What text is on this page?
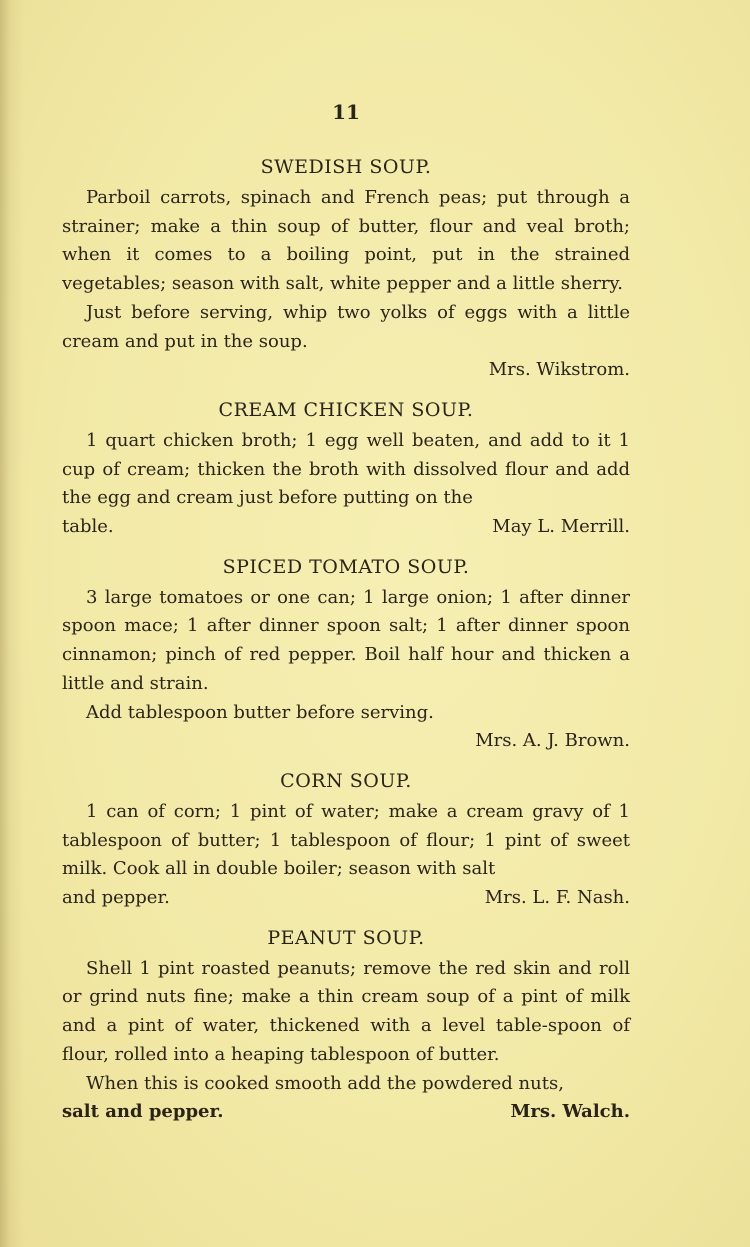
11
SWEDISH SOUP.

Parboil carrots, spinach and French peas; put through a strainer; make a thin soup of butter, flour and veal broth; when it comes to a boiling point, put in the strained vegetables; season with salt, white pepper and a little sherry.

Just before serving, whip two yolks of eggs with a little cream and put in the soup.

Mrs. Wikstrom.
CREAM CHICKEN SOUP.

1 quart chicken broth; 1 egg well beaten, and add to it 1 cup of cream; thicken the broth with dissolved flour and add the egg and cream just before putting on the

table.	May L. Merrill.
SPICED TOMATO SOUP.

3 large tomatoes or one can; 1 large onion; 1 after dinner spoon mace; 1 after dinner spoon salt; 1 after dinner spoon cinnamon; pinch of red pepper. Boil half hour and thicken a little and strain.

Add tablespoon butter before serving.

Mrs. A. J. Brown.
CORN SOUP.

1 can of corn; 1 pint of water; make a cream gravy of 1 tablespoon of butter; 1 tablespoon of flour; 1 pint of sweet milk. Cook all in double boiler; season with salt

and pepper.	Mrs. L. F. Nash.
PEANUT SOUP.

Shell 1 pint roasted peanuts; remove the red skin and roll or grind nuts fine; make a thin cream soup of a pint of milk and a pint of water, thickened with a level table-spoon of flour, rolled into a heaping tablespoon of butter.

When this is cooked smooth add the powdered nuts,

salt and pepper.	Mrs. Walch.
